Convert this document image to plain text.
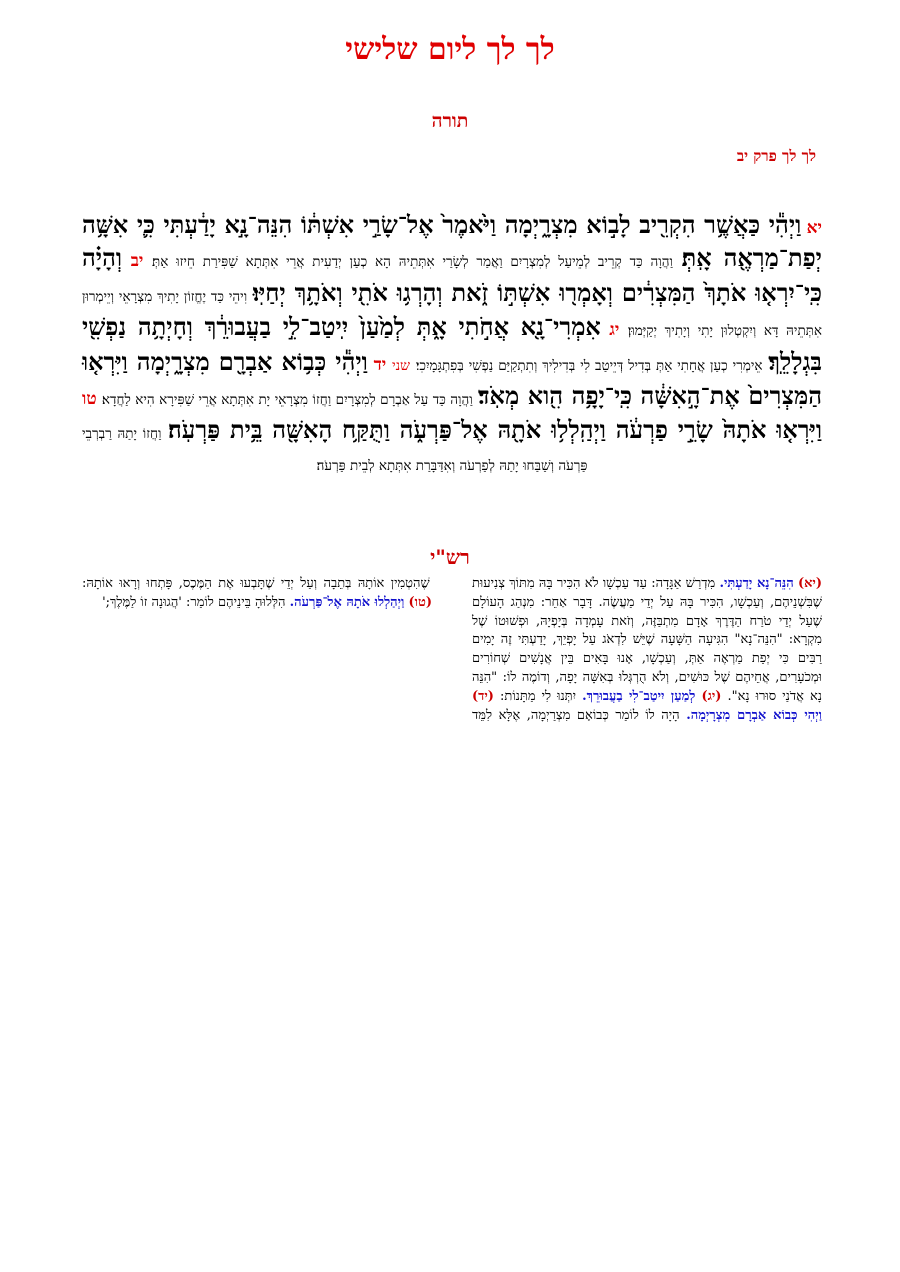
לך לך ליום שלישי
תורה
לך לך פרק יב
יא וַיְהִ֕י כַּאֲשֶׁ֥ר הִקְרִ֖יב לָב֣וֹא מִצְרָ֑יְמָה וַיֹּ֙אמֶר֙ אֶל־שָׂרַ֣י אִשְׁתּ֔וֹ הִנֵּה־נָ֣א יָדַ֔עְתִּי כִּ֛י אִשָּׁ֥ה יְפַת־מַרְאֶ֖ה אָֽתְּ׃ וַהֲוָה כַּד קְרֵיב לְמֵיעַל לְמִצְרָיִם וַאֲמַר לְשָׂרַי אִתְּתֵיהּ הָא כְעַן יְדַעִית אֲרֵי אִתְּתָא שַׁפִּירַת חֵיזוּ אַתְּ׃ יב וְהָיָ֗ה כִּֽי־יִרְא֤וּ אֹתָךְ֙ הַמִּצְרִ֔ים וְאָמְר֖וּ אִשְׁתּ֣וֹ זֹ֑את וְהָרְג֥וּ אֹתִ֖י וְאֹתָ֥ךְ יְחַיּֽוּ׃ וִיהֵי כַּד יֶחֱזוֹן יָתִיךְ מִצְרָאֵי וְיֵימְרוּן אִתְּתֵיהּ דָּא וְיִקְטְלוּן יָתִי וְיָתִיךְ יְקַיְּמוּן׃ יג אִמְרִי־נָ֖א אֲחֹ֣תִי אָ֑תְּ לְמַ֙עַן֙ יִֽיטַב־לִ֣י בַעֲבוּרֵ֔ךְ וְחָיְתָ֥ה נַפְשִׁ֖י בִּגְלָלֵֽךְ׃ אֵימְרִי כְעַן אֲחָתִי אַתְּ בְּדִיל דְּיֵיטַב לִי בְּדִילִיךְ וְתִתְקַיַּם נַפְשִׁי בְּפִתְגָּמָיִכִי׃ שני יד וַיְהִ֕י כְּב֥וֹא אַבְרָ֖ם מִצְרָ֑יְמָה וַיִּרְא֤וּ הַמִּצְרִים֙ אֶת־הָ֣אִשָּׁ֔ה כִּֽי־יָפָ֥ה הִ֖וא מְאֹֽד׃ וַהֲוָה כַּד עַל אַבְרָם לְמִצְרָיִם וַחֲזוֹ מִצְרָאֵי יָת אִתְּתָא אֲרֵי שַׁפִּירָא הִיא לַחֲדָא׃ טו וַיִּרְא֤וּ אֹתָהּ֙ שָׂרֵ֣י פַרְעֹ֔ה וַיְהַֽלְל֥וּ אֹתָ֖הּ אֶל־פַּרְעֹ֑ה וַתֻּקַּ֥ח הָאִשָּׁ֖ה בֵּ֥ית פַּרְעֹֽה׃ וַחֲזוֹ יָתַהּ רַבְרְבֵי פַּרְעֹה וְשַׁבַּחוּ יָתַהּ לְפַרְעֹה וְאִדַּבָּרַת אִתְּתָא לְבֵית פַּרְעֹה׃
רש"י
(יא) הִנֵּה־נָא יָדַעְתִּי. מִדְרַשׁ אַגָּדָה: עַד עַכְשָׁו לֹא הִכִּיר בָּהּ מִתּוֹךְ צְנִיעוּת שֶׁבִּשְׁנֵיהֶם, וְעַכְשָׁו, הִכִּיר בָּהּ עַל יְדֵי מַעֲשֶׂה. דָּבָר אַחֵר: מִנְהַג הָעוֹלָם שֶׁעַל יְדֵי טֹרַח הַדֶּרֶךְ אָדָם מִתְבַּזֶּה, וְזֹאת עָמְדָה בְּיָפְיָהּ, וּפְשׁוּטוֹ שֶׁל מִקְרָא: "הִנֵּה־נָא" הִגִּיעָה הַשָּׁעָה שֶׁיֵּשׁ לִדְאֹג עַל יָפְיֵךְ, יָדַעְתִּי זֶה יָמִים רַבִּים כִּי יְפַת מַרְאֶה אַתְּ, וְעַכְשָׁו, אָנוּ בָּאִים בֵּין אֲנָשִׁים שְׁחוֹרִים וּמְכֹעָרִים, אֲחֵיהֶם שֶׁל כּוּשִׁים, וְלֹא הֻרְגְּלוּ בְּאִשָּׁה יָפָה, וְדוֹמֶה לוֹ: "הִנֵּה נָא אֲדֹנַי סוּרוּ נָא". (יג) לְמַעַן יִיטַב־לִי בַעֲבוּרֵךְ. יִתְּנוּ לִי מַתָּנוֹת: (יד) וַיְהִי כְּבוֹא אַבְרָם מִצְרָיְמָה. הָיָה לוֹ לוֹמַר כְּבוֹאָם מִצְרַיְמָה, אֶלָּא לִמֵּד שֶׁהִטְמִין אוֹתָהּ בְּתֵבָה וְעַל יְדֵי שֶׁתָּבְעוּ אֶת הַמֶּכֶס, פָּתְחוּ וְרָאוּ אוֹתָהּ: (טו) וַיְהַלְלוּ אֹתָהּ אֶל־פַּרְעֹה. הִלְּלוּהָ בֵּינֵיהֶם לוֹמַר: 'הֲגוּנָה זוֹ לַמֶּלֶךְ;'
